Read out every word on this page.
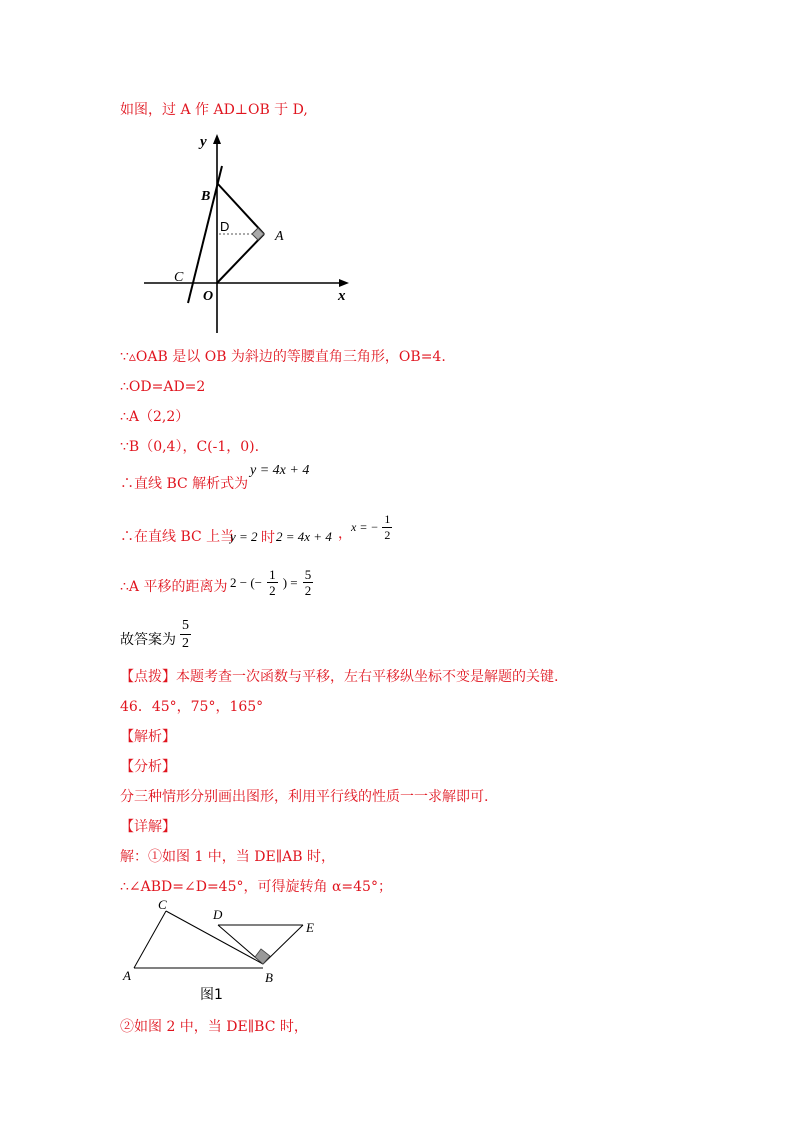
如图，过 A 作 AD⊥OB 于 D,
y
x
O
A
B
C
D
∵▵OAB 是以 OB 为斜边的等腰直角三角形，OB=4.
∴OD=AD=2
∴A（2,2）
∵B（0,4），C(-1，0).
∴直线 BC 解析式为
y = 4x + 4
∴在直线 BC 上当
y = 2 时 2 = 4x + 4 ， x = − $\frac{1}{2}$
∴A 平移的距离为 2 − (− $\frac{1}{2}$ ) = $\frac{5}{2}$
故答案为 $\frac{5}{2}$
【点拨】本题考查一次函数与平移，左右平移纵坐标不变是解题的关键.
46．45°，75°，165°
【解析】
【分析】
分三种情形分别画出图形，利用平行线的性质一一求解即可.
【详解】
解：①如图 1 中，当 DE∥AB 时，
∴∠ABD=∠D=45°，可得旋转角 α=45°；
A	B
C
D
E
图1
②如图 2 中，当 DE∥BC 时，
